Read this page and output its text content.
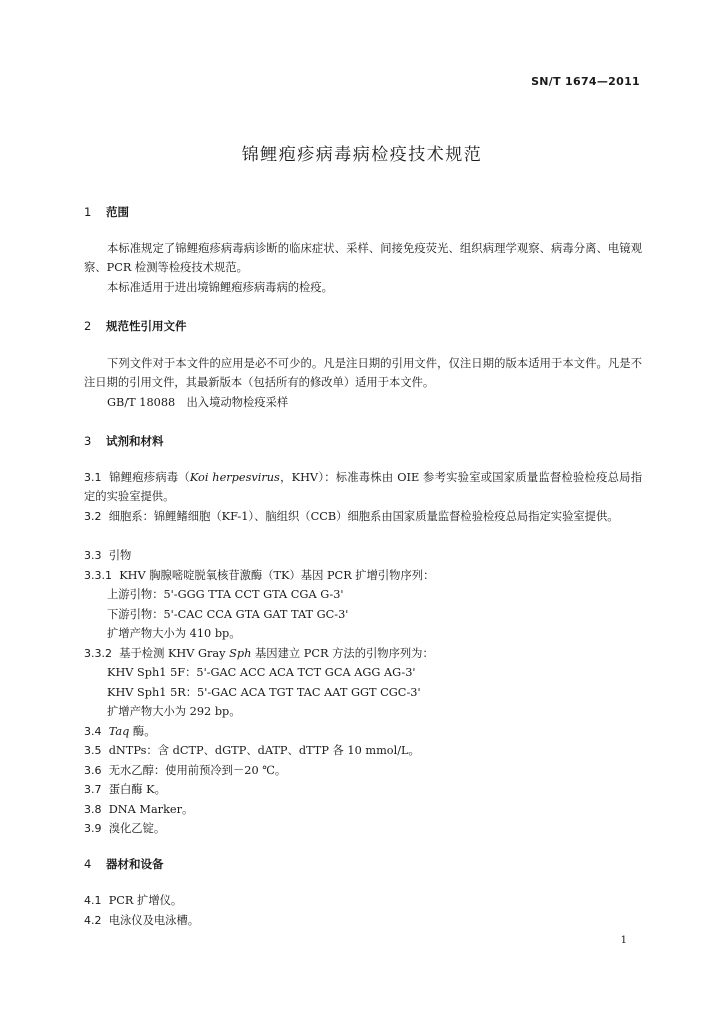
SN/T 1674—2011
锦鲤疱疹病毒病检疫技术规范
1 范围
本标准规定了锦鲤疱疹病毒病诊断的临床症状、采样、间接免疫荧光、组织病理学观察、病毒分离、电镜观察、PCR 检测等检疫技术规范。
本标准适用于进出境锦鲤疱疹病毒病的检疫。
2 规范性引用文件
下列文件对于本文件的应用是必不可少的。凡是注日期的引用文件，仅注日期的版本适用于本文件。凡是不注日期的引用文件，其最新版本（包括所有的修改单）适用于本文件。
GB/T 18088　出入境动物检疫采样
3 试剂和材料
3.1 锦鲤疱疹病毒（Koi herpesvirus，KHV）：标准毒株由 OIE 参考实验室或国家质量监督检验检疫总局指定的实验室提供。
3.2 细胞系：锦鲤鳍细胞（KF-1）、脑组织（CCB）细胞系由国家质量监督检验检疫总局指定实验室提供。
3.3 引物
3.3.1 KHV 胸腺嘧啶脱氧核苷激酶（TK）基因 PCR 扩增引物序列：
上游引物：5'-GGG TTA CCT GTA CGA G-3'
下游引物：5'-CAC CCA GTA GAT TAT GC-3'
扩增产物大小为 410 bp。
3.3.2 基于检测 KHV Gray Sph 基因建立 PCR 方法的引物序列为：
KHV Sph1 5F：5'-GAC ACC ACA TCT GCA AGG AG-3'
KHV Sph1 5R：5'-GAC ACA TGT TAC AAT GGT CGC-3'
扩增产物大小为 292 bp。
3.4 Taq 酶。
3.5 dNTPs：含 dCTP、dGTP、dATP、dTTP 各 10 mmol/L。
3.6 无水乙醇：使用前预冷到－20 ℃。
3.7 蛋白酶 K。
3.8 DNA Marker。
3.9 溴化乙锭。
4 器材和设备
4.1 PCR 扩增仪。
4.2 电泳仪及电泳槽。
1
